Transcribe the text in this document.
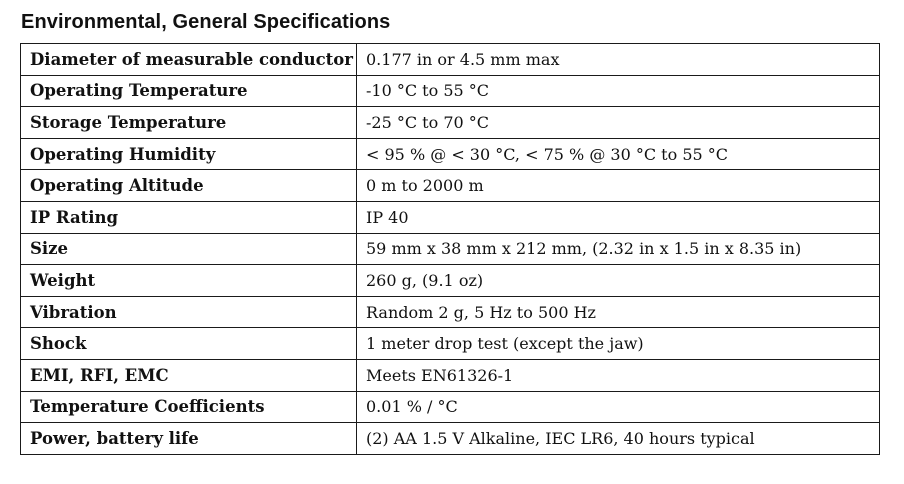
Environmental, General Specifications
Diameter of measurable conductor	0.177 in or 4.5 mm max
Operating Temperature	-10 °C to 55 °C
Storage Temperature	-25 °C to 70 °C
Operating Humidity	< 95 % @ < 30 °C, < 75 % @ 30 °C to 55 °C
Operating Altitude	0 m to 2000 m
IP Rating	IP 40
Size	59 mm x 38 mm x 212 mm, (2.32 in x 1.5 in x 8.35 in)
Weight	260 g, (9.1 oz)
Vibration	Random 2 g, 5 Hz to 500 Hz
Shock	1 meter drop test (except the jaw)
EMI, RFI, EMC	Meets EN61326-1
Temperature Coefficients	0.01 % / °C
Power, battery life	(2) AA 1.5 V Alkaline, IEC LR6, 40 hours typical
